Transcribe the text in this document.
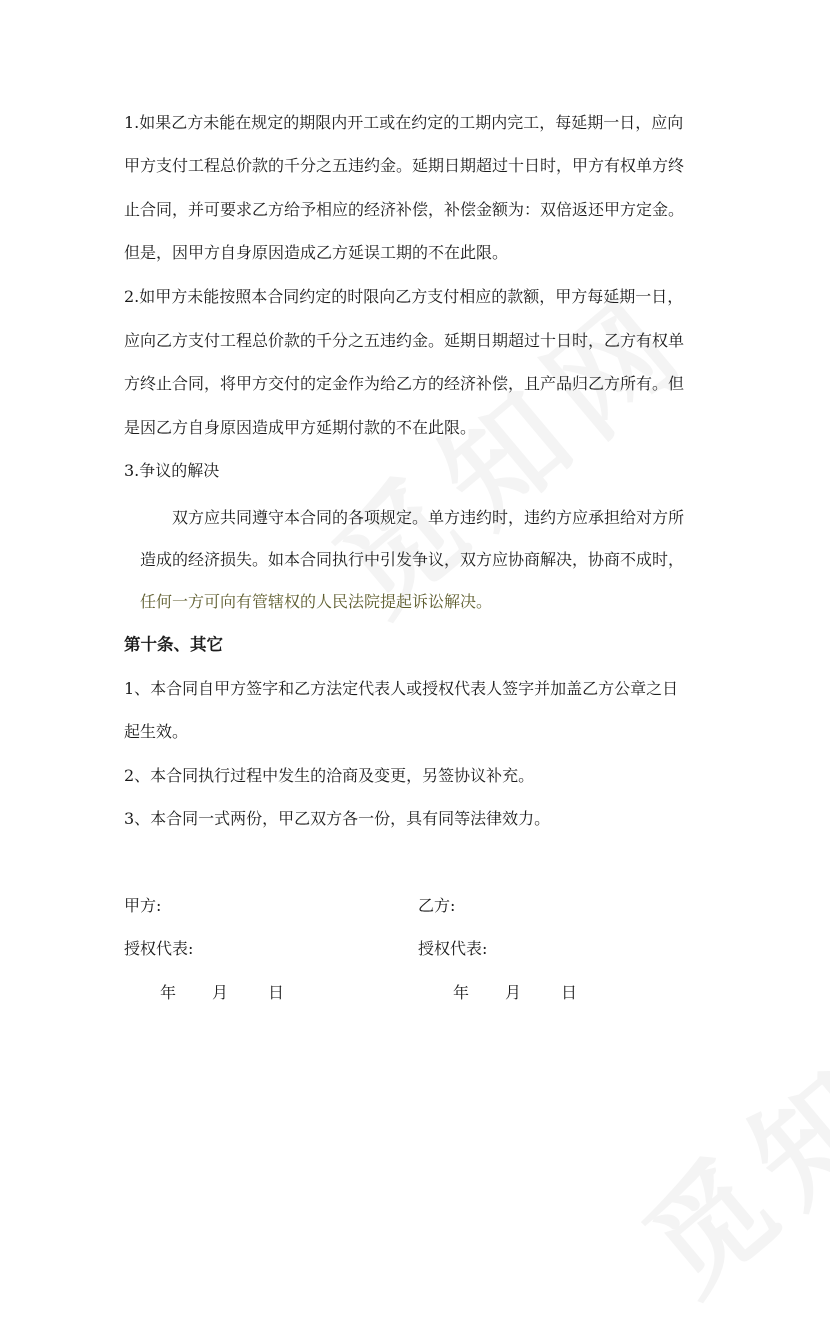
1.如果乙方未能在规定的期限内开工或在约定的工期内完工，每延期一日，应向
甲方支付工程总价款的千分之五违约金。延期日期超过十日时，甲方有权单方终
止合同，并可要求乙方给予相应的经济补偿，补偿金额为：双倍返还甲方定金。
但是，因甲方自身原因造成乙方延误工期的不在此限。
2.如甲方未能按照本合同约定的时限向乙方支付相应的款额，甲方每延期一日，
应向乙方支付工程总价款的千分之五违约金。延期日期超过十日时，乙方有权单
方终止合同，将甲方交付的定金作为给乙方的经济补偿，且产品归乙方所有。但
是因乙方自身原因造成甲方延期付款的不在此限。
3.争议的解决
双方应共同遵守本合同的各项规定。单方违约时，违约方应承担给对方所
造成的经济损失。如本合同执行中引发争议，双方应协商解决，协商不成时，
任何一方可向有管辖权的人民法院提起诉讼解决。
第十条、其它
1、本合同自甲方签字和乙方法定代表人或授权代表人签字并加盖乙方公章之日
起生效。
2、本合同执行过程中发生的洽商及变更，另签协议补充。
3、本合同一式两份，甲乙双方各一份，具有同等法律效力。
甲方:	乙方:
授权代表:	授权代表:
年 月 日	年 月 日
